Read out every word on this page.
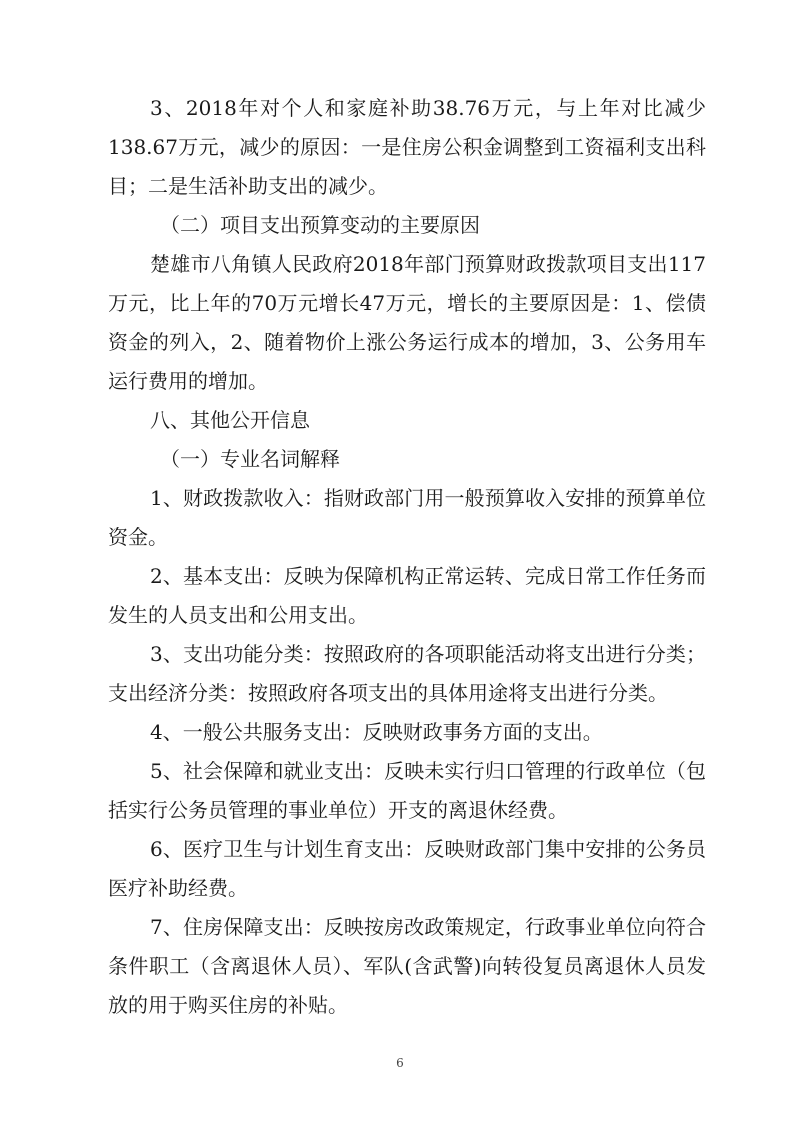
3、2018年对个人和家庭补助38.76万元，与上年对比减少138.67万元，减少的原因：一是住房公积金调整到工资福利支出科目；二是生活补助支出的减少。

（二）项目支出预算变动的主要原因

楚雄市八角镇人民政府2018年部门预算财政拨款项目支出117万元，比上年的70万元增长47万元，增长的主要原因是：1、偿债资金的列入，2、随着物价上涨公务运行成本的增加，3、公务用车运行费用的增加。

八、其他公开信息

（一）专业名词解释

1、财政拨款收入：指财政部门用一般预算收入安排的预算单位资金。

2、基本支出：反映为保障机构正常运转、完成日常工作任务而发生的人员支出和公用支出。

3、支出功能分类：按照政府的各项职能活动将支出进行分类；支出经济分类：按照政府各项支出的具体用途将支出进行分类。

4、一般公共服务支出：反映财政事务方面的支出。

5、社会保障和就业支出：反映未实行归口管理的行政单位（包括实行公务员管理的事业单位）开支的离退休经费。

6、医疗卫生与计划生育支出：反映财政部门集中安排的公务员医疗补助经费。

7、住房保障支出：反映按房改政策规定，行政事业单位向符合条件职工（含离退休人员）、军队(含武警)向转役复员离退休人员发放的用于购买住房的补贴。

6
